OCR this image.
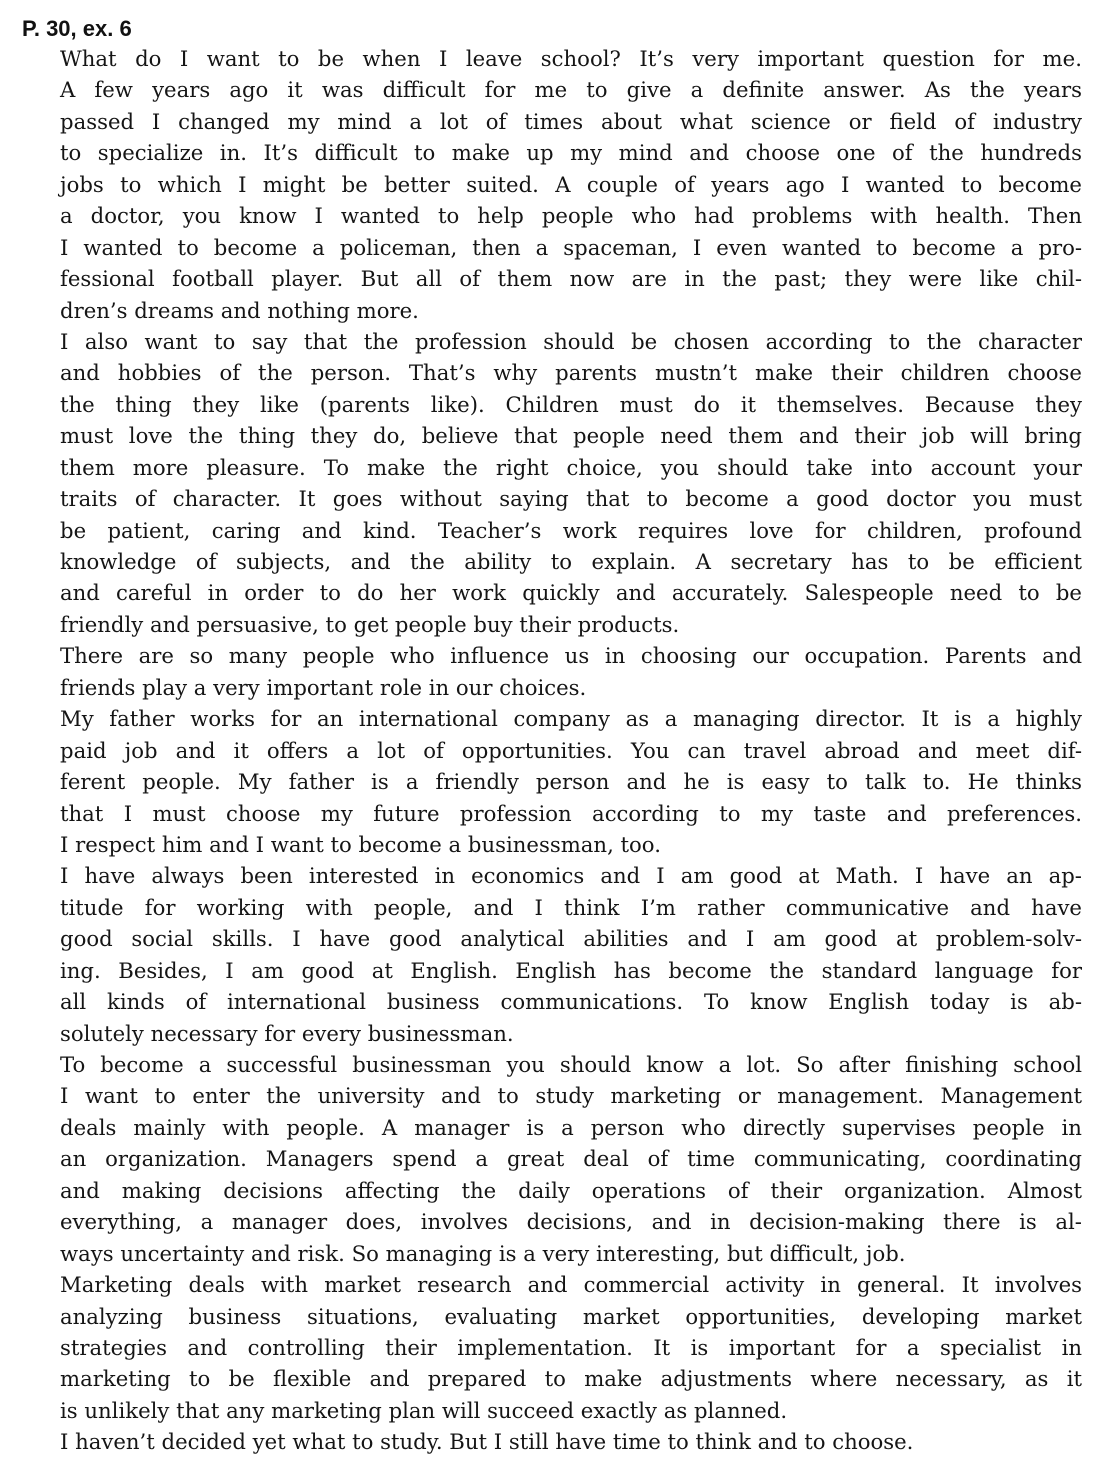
P. 30, ex. 6
What do I want to be when I leave school? It’s very important question for me.
A few years ago it was difficult for me to give a definite answer. As the years
passed I changed my mind a lot of times about what science or field of industry
to specialize in. It’s difficult to make up my mind and choose one of the hundreds
jobs to which I might be better suited. A couple of years ago I wanted to become
a doctor, you know I wanted to help people who had problems with health. Then
I wanted to become a policeman, then a spaceman, I even wanted to become a pro-
fessional football player. But all of them now are in the past; they were like chil-
dren’s dreams and nothing more.
I also want to say that the profession should be chosen according to the character
and hobbies of the person. That’s why parents mustn’t make their children choose
the thing they like (parents like). Children must do it themselves. Because they
must love the thing they do, believe that people need them and their job will bring
them more pleasure. To make the right choice, you should take into account your
traits of character. It goes without saying that to become a good doctor you must
be patient, caring and kind. Teacher’s work requires love for children, profound
knowledge of subjects, and the ability to explain. A secretary has to be efficient
and careful in order to do her work quickly and accurately. Salespeople need to be
friendly and persuasive, to get people buy their products.
There are so many people who influence us in choosing our occupation. Parents and
friends play a very important role in our choices.
My father works for an international company as a managing director. It is a highly
paid job and it offers a lot of opportunities. You can travel abroad and meet dif-
ferent people. My father is a friendly person and he is easy to talk to. He thinks
that I must choose my future profession according to my taste and preferences.
I respect him and I want to become a businessman, too.
I have always been interested in economics and I am good at Math. I have an ap-
titude for working with people, and I think I’m rather communicative and have
good social skills. I have good analytical abilities and I am good at problem-solv-
ing. Besides, I am good at English. English has become the standard language for
all kinds of international business communications. To know English today is ab-
solutely necessary for every businessman.
To become a successful businessman you should know a lot. So after finishing school
I want to enter the university and to study marketing or management. Management
deals mainly with people. A manager is a person who directly supervises people in
an organization. Managers spend a great deal of time communicating, coordinating
and making decisions affecting the daily operations of their organization. Almost
everything, a manager does, involves decisions, and in decision-making there is al-
ways uncertainty and risk. So managing is a very interesting, but difficult, job.
Marketing deals with market research and commercial activity in general. It involves
analyzing business situations, evaluating market opportunities, developing market
strategies and controlling their implementation. It is important for a specialist in
marketing to be flexible and prepared to make adjustments where necessary, as it
is unlikely that any marketing plan will succeed exactly as planned.
I haven’t decided yet what to study. But I still have time to think and to choose.
